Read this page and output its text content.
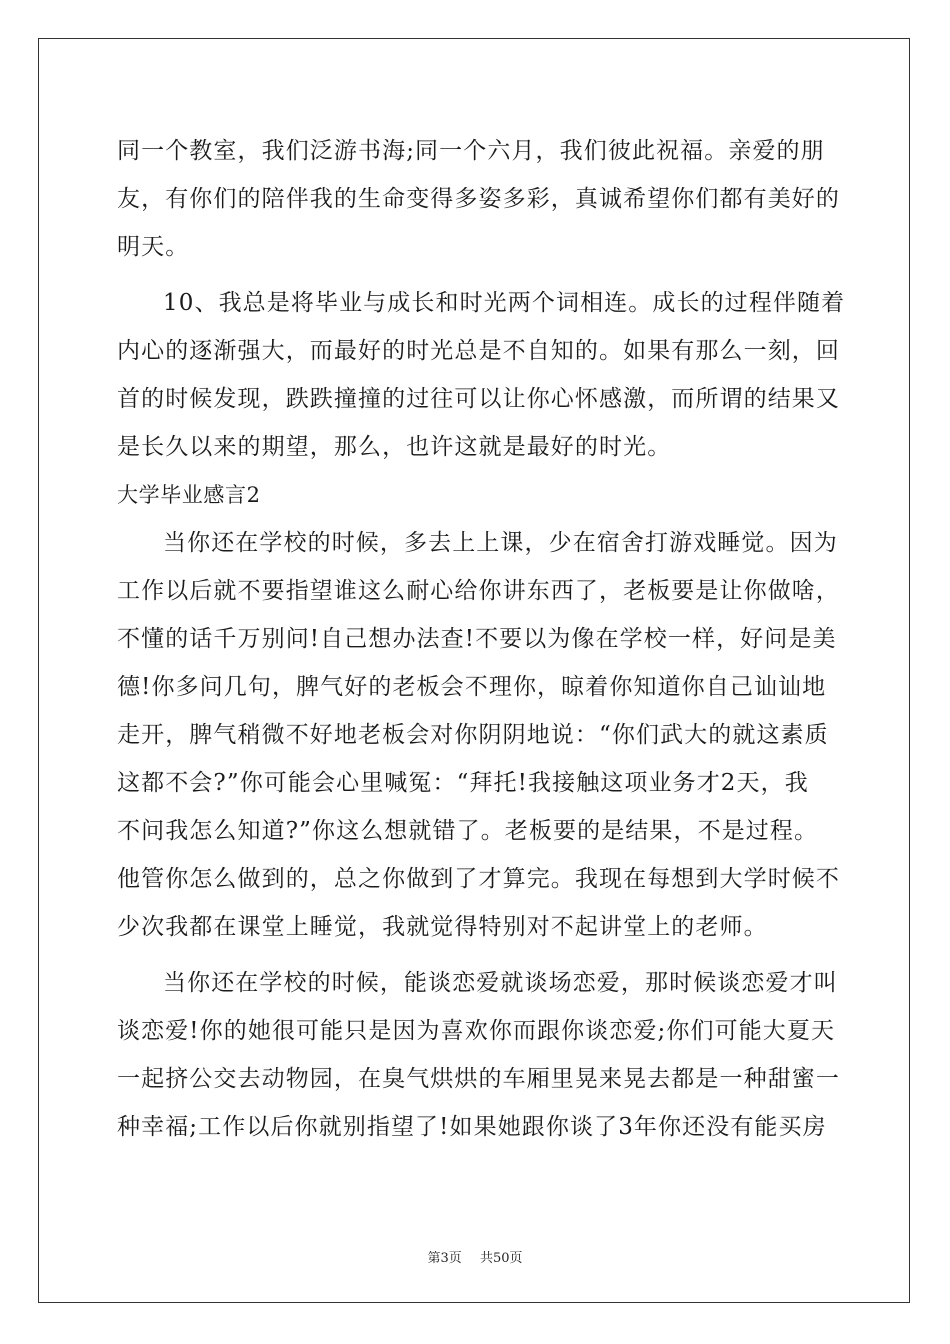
同一个教室，我们泛游书海;同一个六月，我们彼此祝福。亲爱的朋
友，有你们的陪伴我的生命变得多姿多彩，真诚希望你们都有美好的
明天。
10、我总是将毕业与成长和时光两个词相连。成长的过程伴随着
内心的逐渐强大，而最好的时光总是不自知的。如果有那么一刻，回
首的时候发现，跌跌撞撞的过往可以让你心怀感激，而所谓的结果又
是长久以来的期望，那么，也许这就是最好的时光。
大学毕业感言2
当你还在学校的时候，多去上上课，少在宿舍打游戏睡觉。因为
工作以后就不要指望谁这么耐心给你讲东西了，老板要是让你做啥，
不懂的话千万别问!自己想办法查!不要以为像在学校一样，好问是美
德!你多问几句，脾气好的老板会不理你，晾着你知道你自己讪讪地
走开，脾气稍微不好地老板会对你阴阴地说：“你们武大的就这素质
这都不会?”你可能会心里喊冤：“拜托!我接触这项业务才2天，我
不问我怎么知道?”你这么想就错了。老板要的是结果，不是过程。
他管你怎么做到的，总之你做到了才算完。我现在每想到大学时候不
少次我都在课堂上睡觉，我就觉得特别对不起讲堂上的老师。
当你还在学校的时候，能谈恋爱就谈场恋爱，那时候谈恋爱才叫
谈恋爱!你的她很可能只是因为喜欢你而跟你谈恋爱;你们可能大夏天
一起挤公交去动物园，在臭气烘烘的车厢里晃来晃去都是一种甜蜜一
种幸福;工作以后你就别指望了!如果她跟你谈了3年你还没有能买房
第3页 共50页
